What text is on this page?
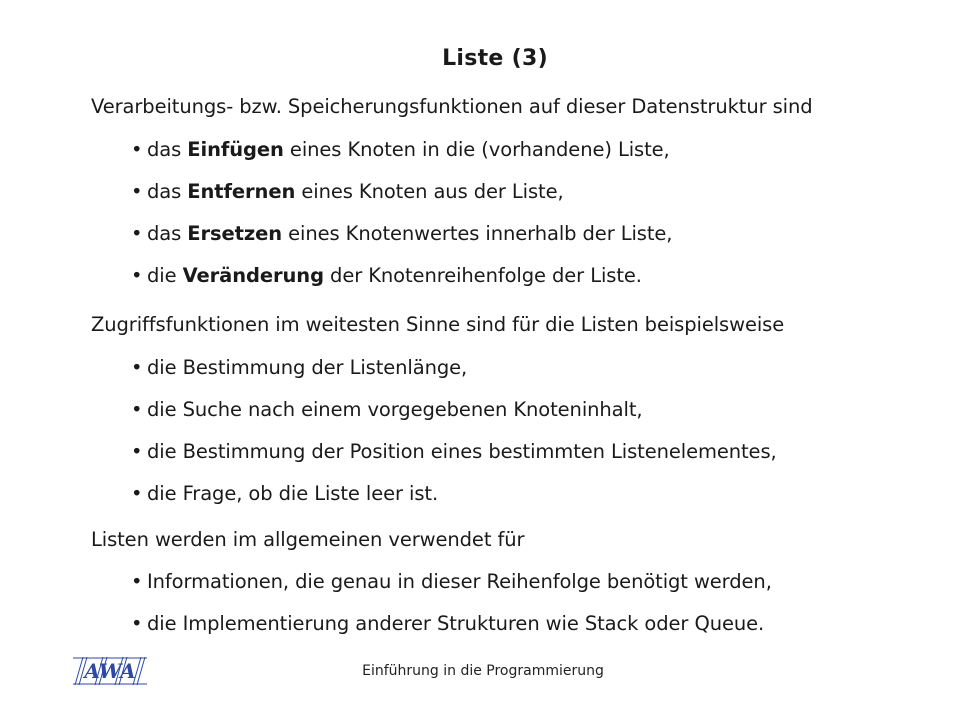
Liste (3)
Verarbeitungs- bzw. Speicherungsfunktionen auf dieser Datenstruktur sind
• das Einfügen eines Knoten in die (vorhandene) Liste,
• das Entfernen eines Knoten aus der Liste,
• das Ersetzen eines Knotenwertes innerhalb der Liste,
• die Veränderung der Knotenreihenfolge der Liste.
Zugriffsfunktionen im weitesten Sinne sind für die Listen beispielsweise
• die Bestimmung der Listenlänge,
• die Suche nach einem vorgegebenen Knoteninhalt,
• die Bestimmung der Position eines bestimmten Listenelementes,
• die Frage, ob die Liste leer ist.
Listen werden im allgemeinen verwendet für
• Informationen, die genau in dieser Reihenfolge benötigt werden,
• die Implementierung anderer Strukturen wie Stack oder Queue.
AWA	Einführung in die Programmierung
